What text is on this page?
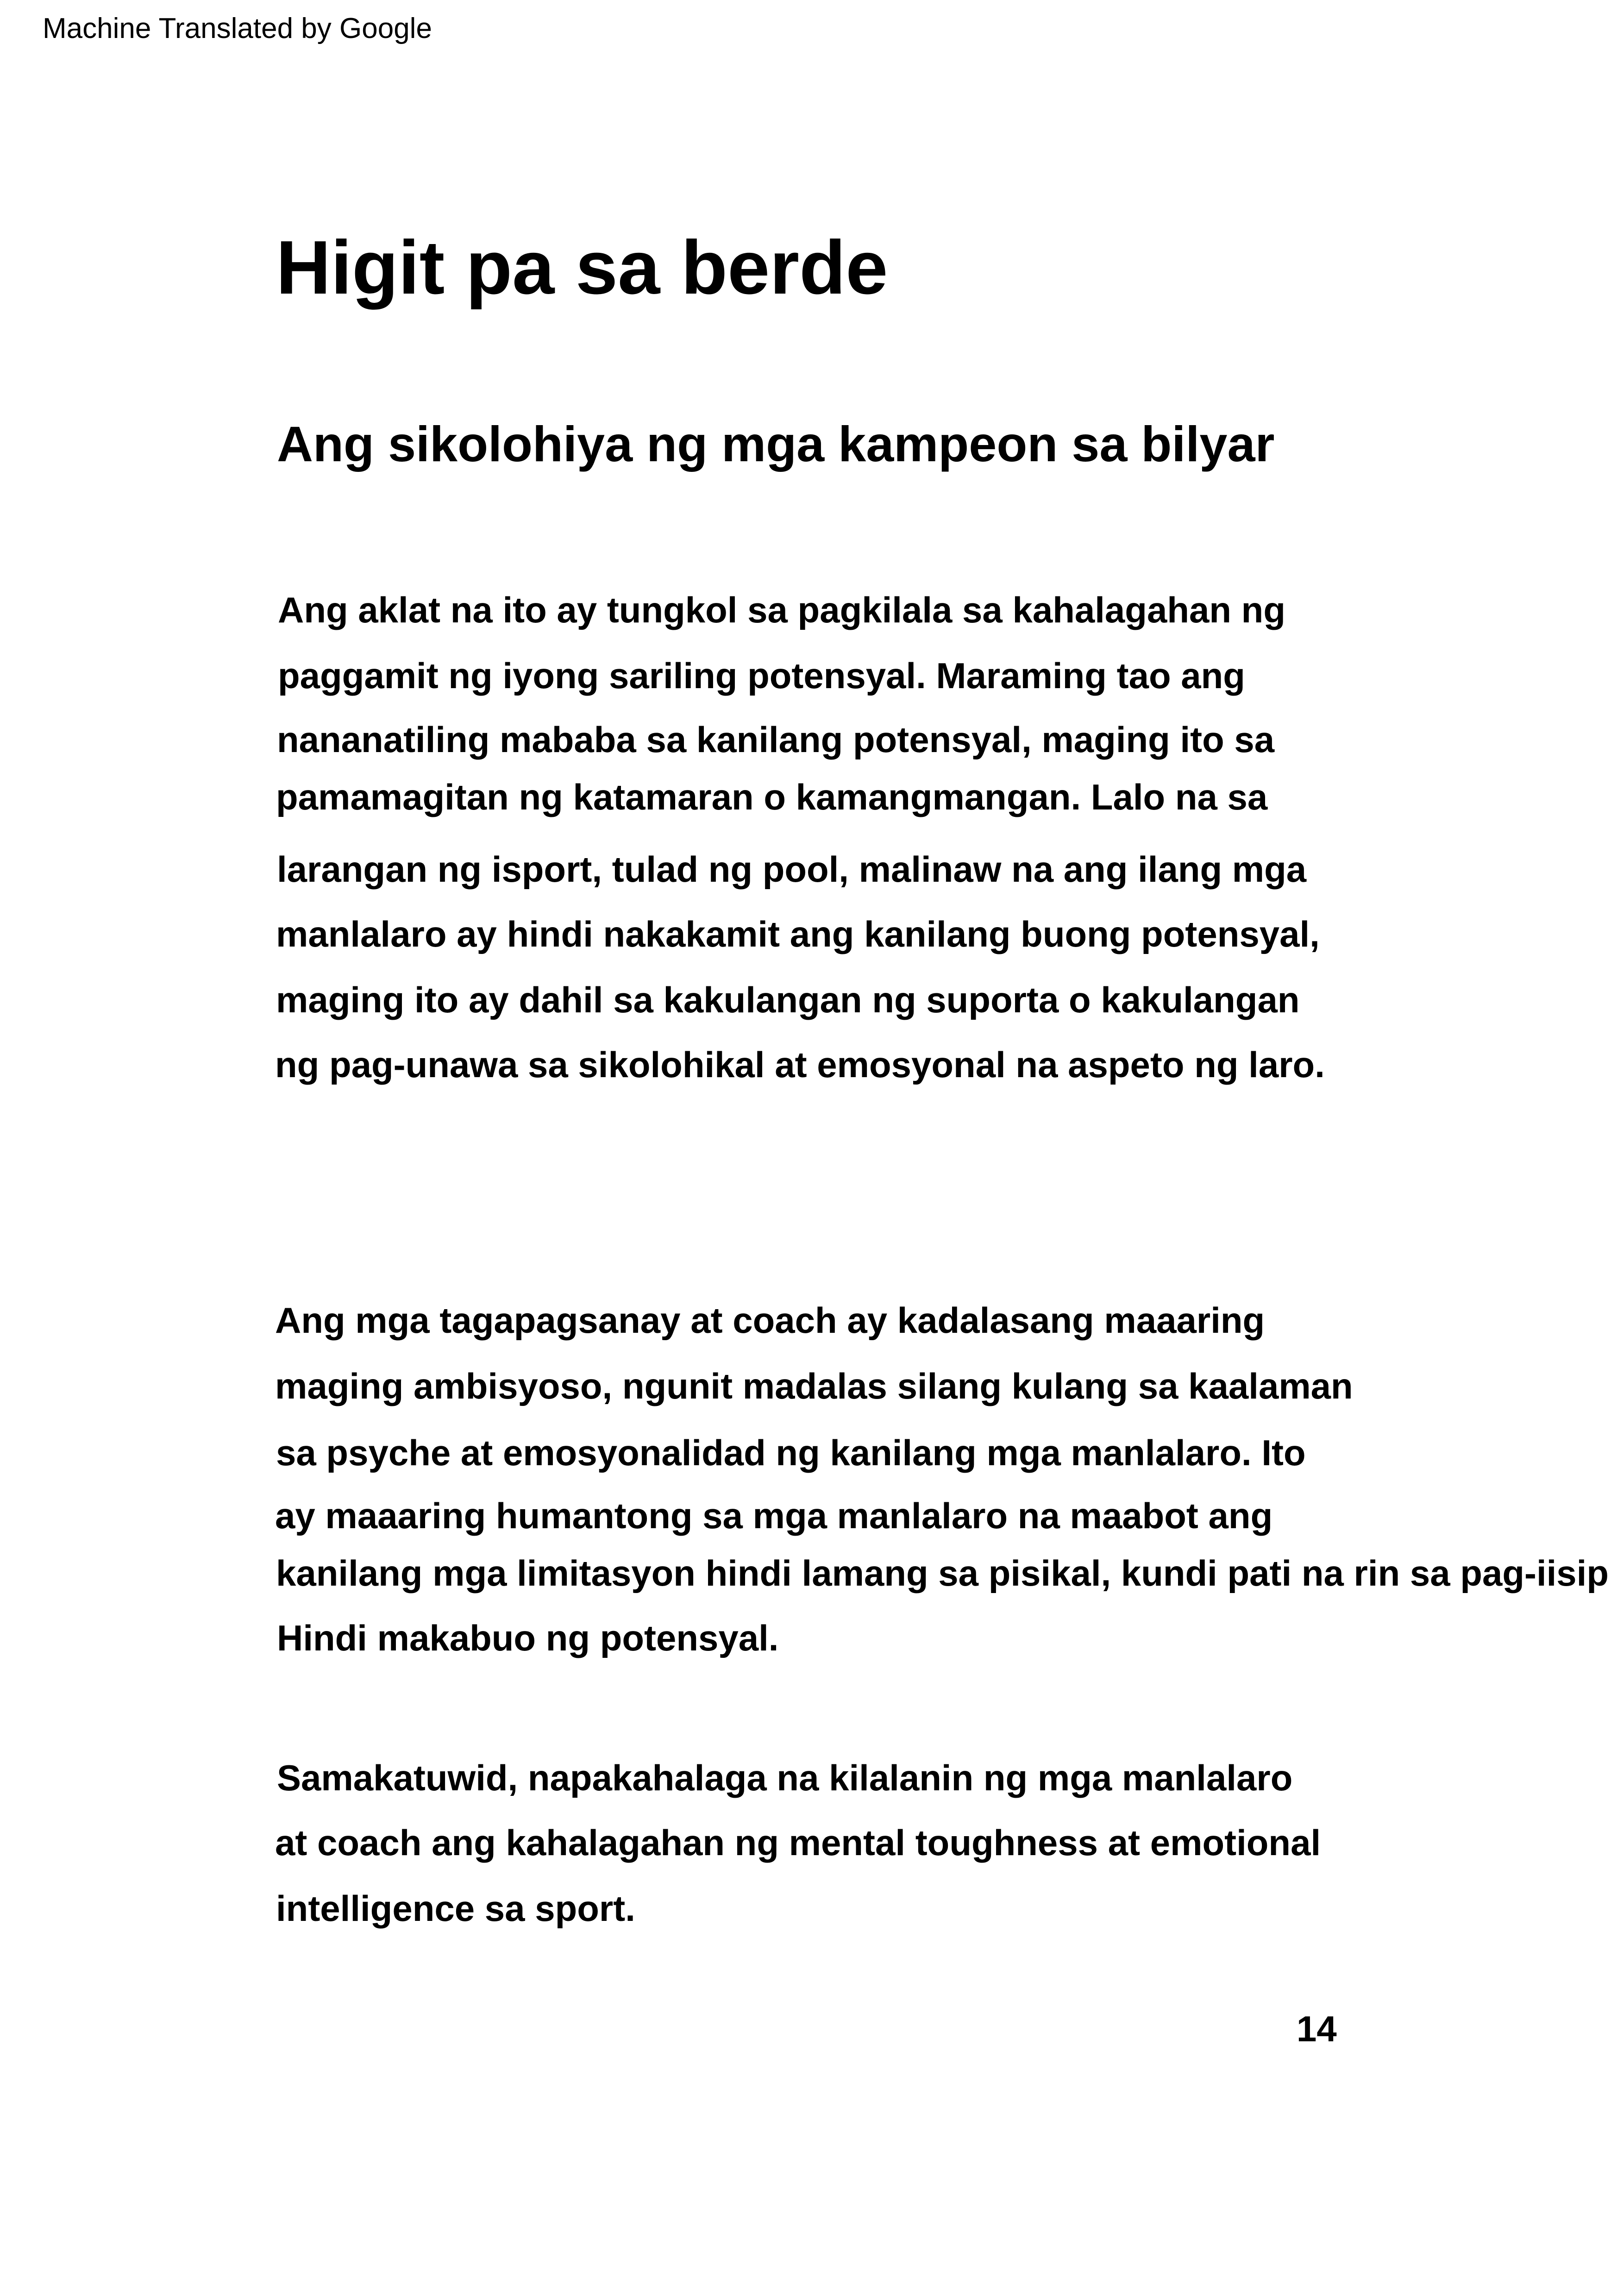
Machine Translated by Google
Higit pa sa berde
Ang sikolohiya ng mga kampeon sa bilyar
Ang aklat na ito ay tungkol sa pagkilala sa kahalagahan ng
paggamit ng iyong sariling potensyal. Maraming tao ang
nananatiling mababa sa kanilang potensyal, maging ito sa
pamamagitan ng katamaran o kamangmangan. Lalo na sa
larangan ng isport, tulad ng pool, malinaw na ang ilang mga
manlalaro ay hindi nakakamit ang kanilang buong potensyal,
maging ito ay dahil sa kakulangan ng suporta o kakulangan
ng pag-unawa sa sikolohikal at emosyonal na aspeto ng laro.
Ang mga tagapagsanay at coach ay kadalasang maaaring
maging ambisyoso, ngunit madalas silang kulang sa kaalaman
sa psyche at emosyonalidad ng kanilang mga manlalaro. Ito
ay maaaring humantong sa mga manlalaro na maabot ang
kanilang mga limitasyon hindi lamang sa pisikal, kundi pati na rin sa pag-iisip
Hindi makabuo ng potensyal.
Samakatuwid, napakahalaga na kilalanin ng mga manlalaro
at coach ang kahalagahan ng mental toughness at emotional
intelligence sa sport.
14
